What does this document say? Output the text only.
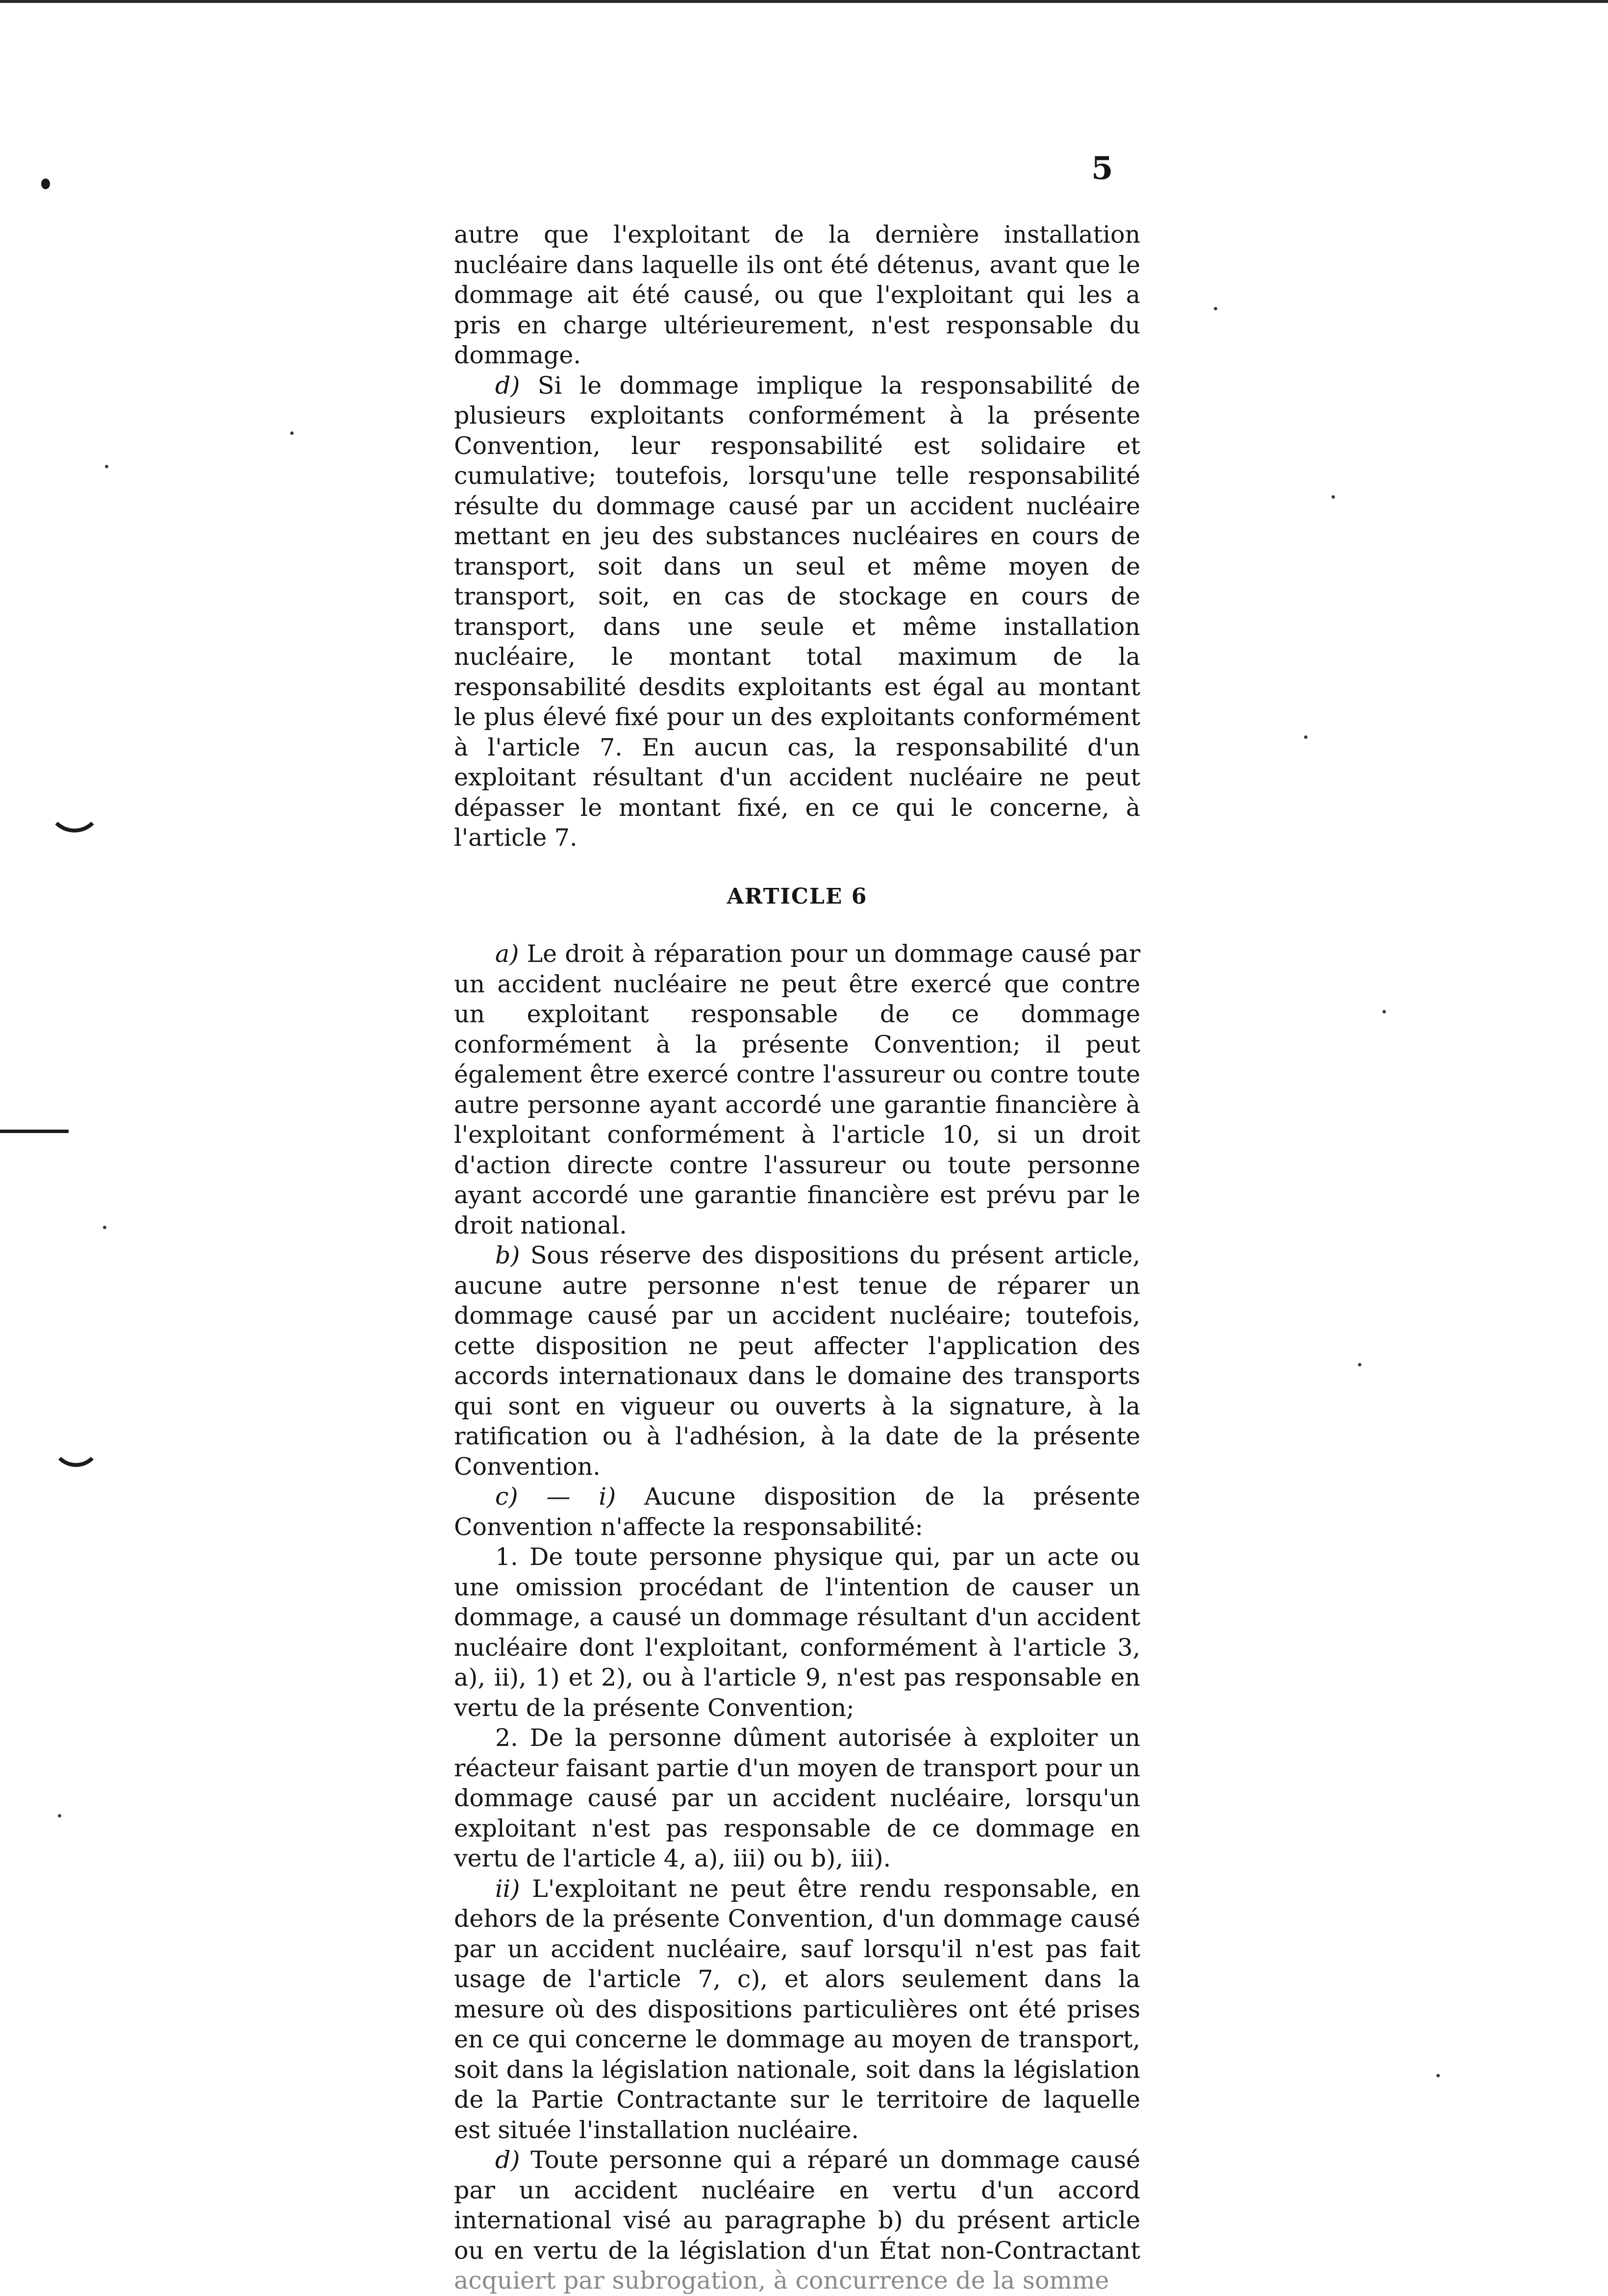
5

autre que l'exploitant de la dernière installation nucléaire dans laquelle ils ont été détenus, avant que le dommage ait été causé, ou que l'exploitant qui les a pris en charge ultérieurement, n'est responsable du dommage.

d) Si le dommage implique la responsabilité de plusieurs exploitants conformément à la présente Convention, leur responsabilité est solidaire et cumulative; toutefois, lorsqu'une telle responsabilité résulte du dommage causé par un accident nucléaire mettant en jeu des substances nucléaires en cours de transport, soit dans un seul et même moyen de transport, soit, en cas de stockage en cours de transport, dans une seule et même installation nucléaire, le montant total maximum de la responsabilité desdits exploitants est égal au montant le plus élevé fixé pour un des exploitants conformément à l'article 7. En aucun cas, la responsabilité d'un exploitant résultant d'un accident nucléaire ne peut dépasser le montant fixé, en ce qui le concerne, à l'article 7.

ARTICLE 6

a) Le droit à réparation pour un dommage causé par un accident nucléaire ne peut être exercé que contre un exploitant responsable de ce dommage conformément à la présente Convention; il peut également être exercé contre l'assureur ou contre toute autre personne ayant accordé une garantie financière à l'exploitant conformément à l'article 10, si un droit d'action directe contre l'assureur ou toute personne ayant accordé une garantie financière est prévu par le droit national.

b) Sous réserve des dispositions du présent article, aucune autre personne n'est tenue de réparer un dommage causé par un accident nucléaire; toutefois, cette disposition ne peut affecter l'application des accords internationaux dans le domaine des transports qui sont en vigueur ou ouverts à la signature, à la ratification ou à l'adhésion, à la date de la présente Convention.

c) — i) Aucune disposition de la présente Convention n'affecte la responsabilité:

1. De toute personne physique qui, par un acte ou une omission procédant de l'intention de causer un dommage, a causé un dommage résultant d'un accident nucléaire dont l'exploitant, conformément à l'article 3, a), ii), 1) et 2), ou à l'article 9, n'est pas responsable en vertu de la présente Convention;

2. De la personne dûment autorisée à exploiter un réacteur faisant partie d'un moyen de transport pour un dommage causé par un accident nucléaire, lorsqu'un exploitant n'est pas responsable de ce dommage en vertu de l'article 4, a), iii) ou b), iii).

ii) L'exploitant ne peut être rendu responsable, en dehors de la présente Convention, d'un dommage causé par un accident nucléaire, sauf lorsqu'il n'est pas fait usage de l'article 7, c), et alors seulement dans la mesure où des dispositions particulières ont été prises en ce qui concerne le dommage au moyen de transport, soit dans la législation nationale, soit dans la législation de la Partie Contractante sur le territoire de laquelle est située l'installation nucléaire.

d) Toute personne qui a réparé un dommage causé par un accident nucléaire en vertu d'un accord international visé au paragraphe b) du présent article ou en vertu de la législation d'un État non-Contractant acquiert par subrogation, à concurrence de la somme
